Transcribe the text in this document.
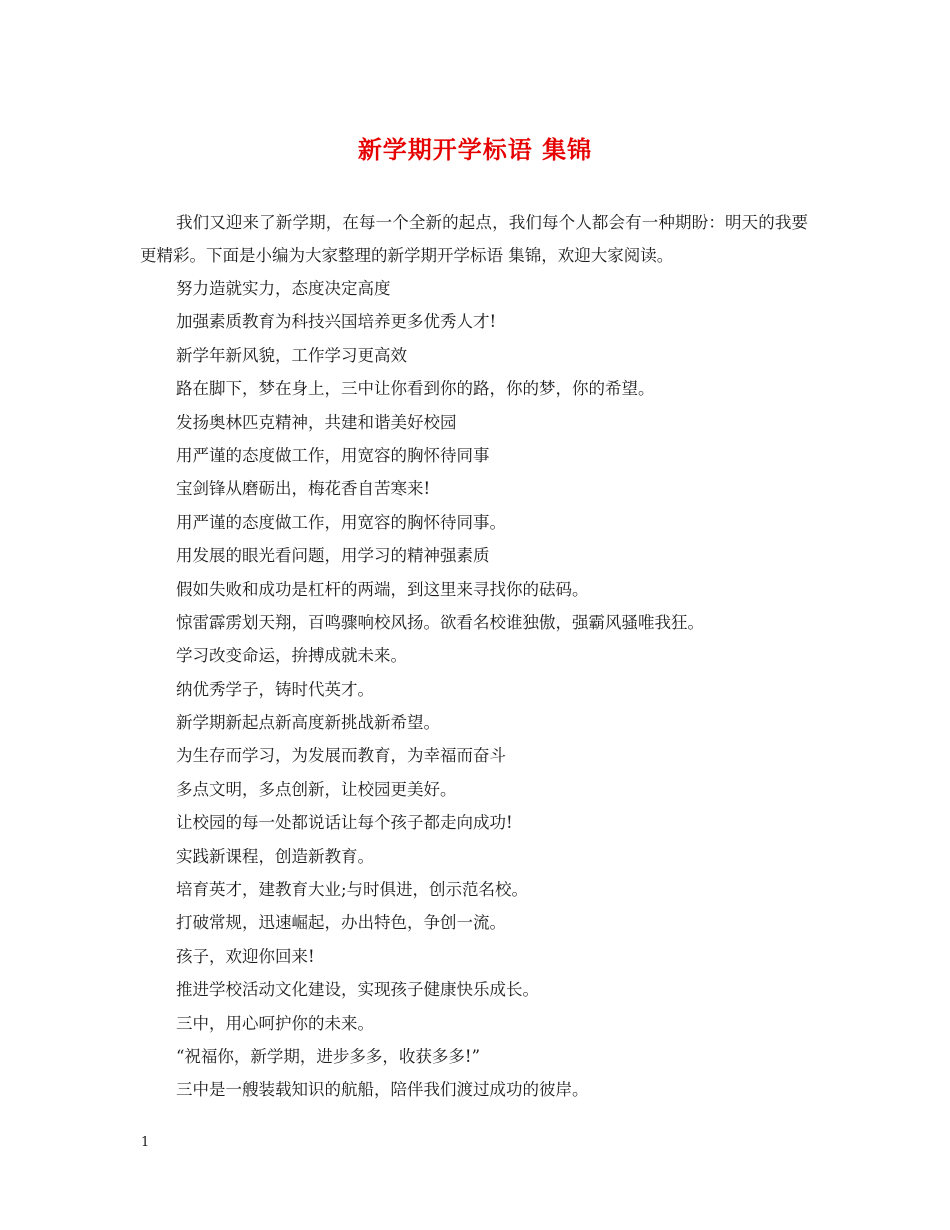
新学期开学标语 集锦

我们又迎来了新学期，在每一个全新的起点，我们每个人都会有一种期盼：明天的我要更精彩。下面是小编为大家整理的新学期开学标语 集锦，欢迎大家阅读。

努力造就实力，态度决定高度
加强素质教育为科技兴国培养更多优秀人才!
新学年新风貌，工作学习更高效
路在脚下，梦在身上，三中让你看到你的路，你的梦，你的希望。
发扬奥林匹克精神，共建和谐美好校园
用严谨的态度做工作，用宽容的胸怀待同事
宝剑锋从磨砺出，梅花香自苦寒来!
用严谨的态度做工作，用宽容的胸怀待同事。
用发展的眼光看问题，用学习的精神强素质
假如失败和成功是杠杆的两端，到这里来寻找你的砝码。
惊雷霹雳划天翔，百鸣骤响校风扬。欲看名校谁独傲，强霸风骚唯我狂。
学习改变命运，拚搏成就未来。
纳优秀学子，铸时代英才。
新学期新起点新高度新挑战新希望。
为生存而学习，为发展而教育，为幸福而奋斗
多点文明，多点创新，让校园更美好。
让校园的每一处都说话让每个孩子都走向成功!
实践新课程，创造新教育。
培育英才，建教育大业;与时俱进，创示范名校。
打破常规，迅速崛起，办出特色，争创一流。
孩子，欢迎你回来!
推进学校活动文化建设，实现孩子健康快乐成长。
三中，用心呵护你的未来。
“祝福你，新学期，进步多多，收获多多!”
三中是一艘装载知识的航船，陪伴我们渡过成功的彼岸。
1
